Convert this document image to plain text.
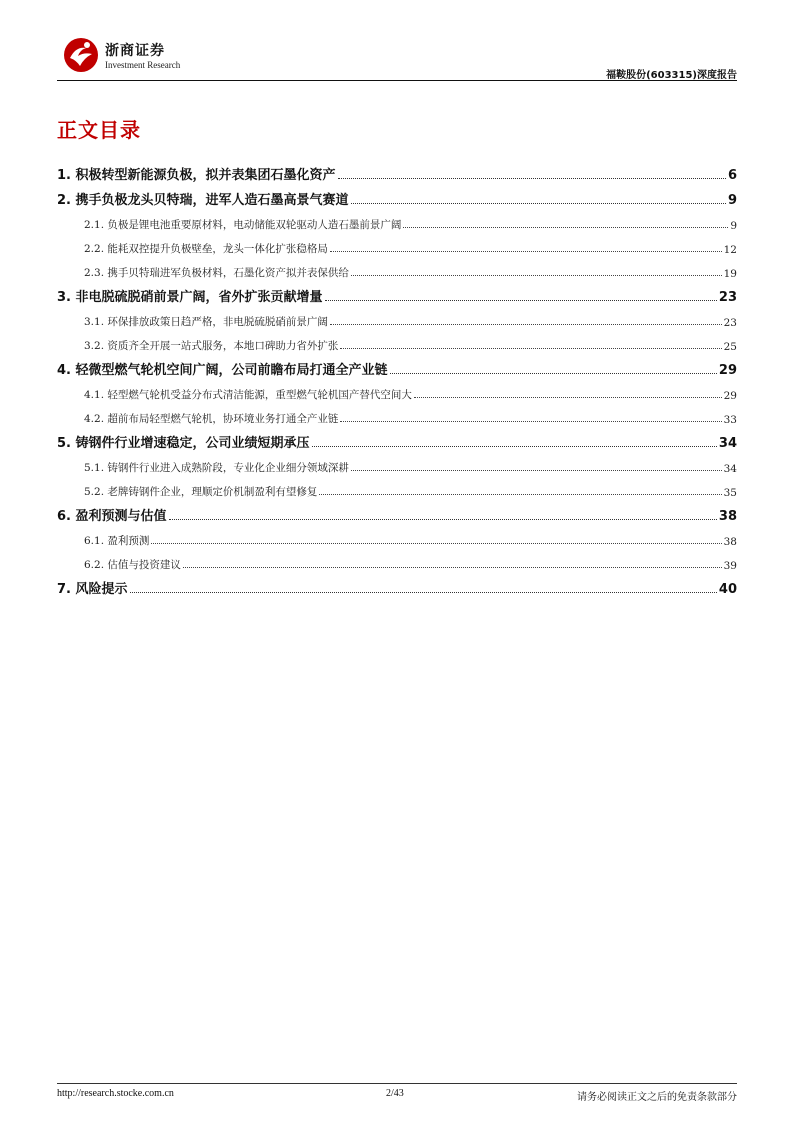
浙商证券
Investment Research
福鞍股份(603315)深度报告
正文目录
1. 积极转型新能源负极，拟并表集团石墨化资产	6
2. 携手负极龙头贝特瑞，进军人造石墨高景气赛道	9
2.1. 负极是锂电池重要原材料，电动储能双轮驱动人造石墨前景广阔	9
2.2. 能耗双控提升负极壁垒，龙头一体化扩张稳格局	12
2.3. 携手贝特瑞进军负极材料，石墨化资产拟并表保供给	19
3. 非电脱硫脱硝前景广阔，省外扩张贡献增量	23
3.1. 环保排放政策日趋严格，非电脱硫脱硝前景广阔	23
3.2. 资质齐全开展一站式服务，本地口碑助力省外扩张	25
4. 轻微型燃气轮机空间广阔，公司前瞻布局打通全产业链	29
4.1. 轻型燃气轮机受益分布式清洁能源，重型燃气轮机国产替代空间大	29
4.2. 超前布局轻型燃气轮机，协环境业务打通全产业链	33
5. 铸钢件行业增速稳定，公司业绩短期承压	34
5.1. 铸钢件行业进入成熟阶段，专业化企业细分领域深耕	34
5.2. 老牌铸钢件企业，理顺定价机制盈利有望修复	35
6. 盈利预测与估值	38
6.1. 盈利预测	38
6.2. 估值与投资建议	39
7. 风险提示	40
http://research.stocke.com.cn	2/43	请务必阅读正文之后的免责条款部分
